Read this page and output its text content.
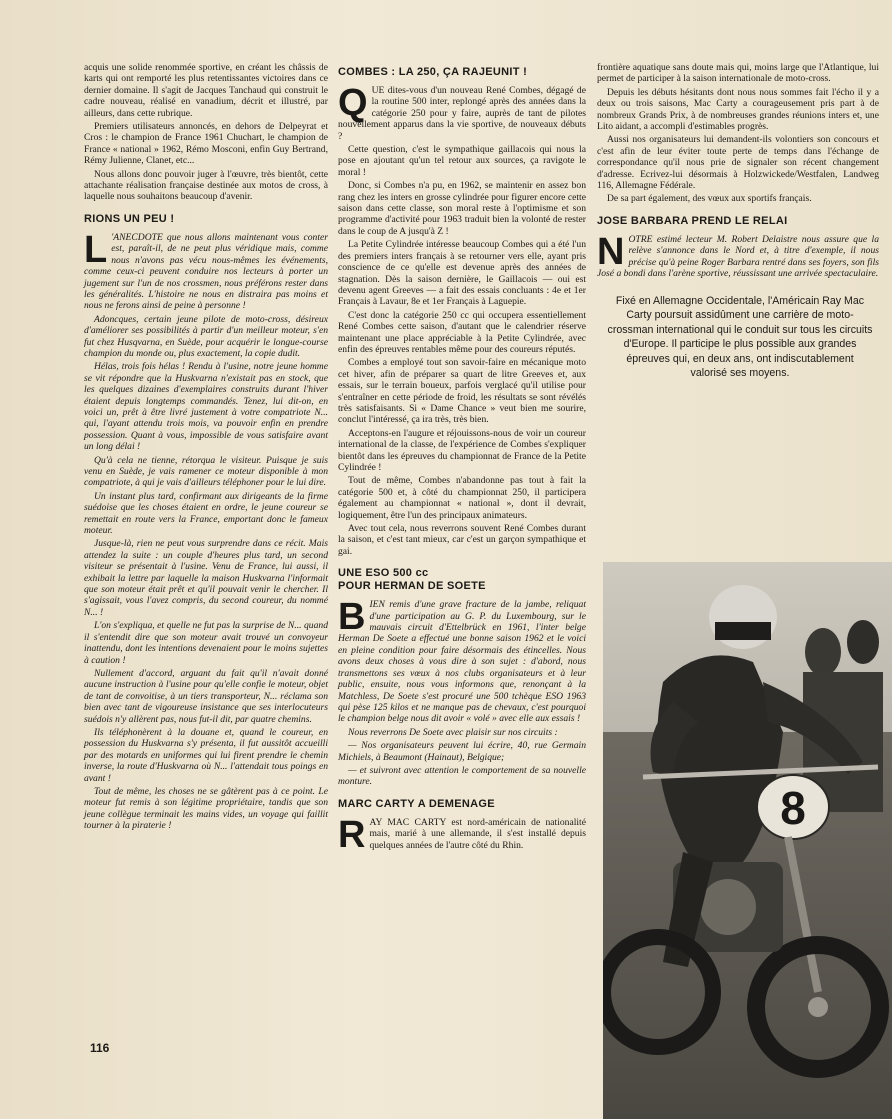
acquis une solide renommée sportive, en créant les châssis de karts qui ont remporté les plus retentissantes victoires dans ce dernier domaine. Il s'agit de Jacques Tanchaud qui construit le cadre nouveau, réalisé en vanadium, décrit et illustré, par ailleurs, dans cette rubrique.

Premiers utilisateurs annoncés, en dehors de Delpeyrat et Cros : le champion de France 1961 Chuchart, le champion de France « national » 1962, Rémo Mosconi, enfin Guy Bertrand, Rémy Julienne, Clanet, etc...

Nous allons donc pouvoir juger à l'œuvre, très bientôt, cette attachante réalisation française destinée aux motos de cross, à laquelle nous souhaitons beaucoup d'avenir.

RIONS UN PEU !
L 'ANECDOTE que nous allons maintenant vous conter est, paraît-il, de ne peut plus véridique mais, comme nous n'avons pas vécu nous-mêmes les événements, comme ceux-ci peuvent conduire nos lecteurs à porter un jugement sur l'un de nos crossmen, nous préférons rester dans les généralités. L'histoire ne nous en distraira pas moins et nous ne ferons ainsi de peine à personne !

Adoncques, certain jeune pilote de moto-cross, désireux d'améliorer ses possibilités à partir d'un meilleur moteur, s'en fut chez Husqvarna, en Suède, pour acquérir le longue-course champion du monde ou, plus exactement, la copie dudit.

Hélas, trois fois hélas ! Rendu à l'usine, notre jeune homme se vit répondre que la Huskvarna n'existait pas en stock, que les quelques dizaines d'exemplaires construits durant l'hiver étaient depuis longtemps commandés. Tenez, lui dit-on, en voici un, prêt à être livré justement à votre compatriote N... qui, l'ayant attendu trois mois, va pouvoir enfin en prendre possession. Quant à vous, impossible de vous satisfaire avant un long délai !

Qu'à cela ne tienne, rétorqua le visiteur. Puisque je suis venu en Suède, je vais ramener ce moteur disponible à mon compatriote, à qui je vais d'ailleurs téléphoner pour le lui dire.

Un instant plus tard, confirmant aux dirigeants de la firme suédoise que les choses étaient en ordre, le jeune coureur se remettait en route vers la France, emportant donc le fameux moteur.

Jusque-là, rien ne peut vous surprendre dans ce récit. Mais attendez la suite : un couple d'heures plus tard, un second visiteur se présentait à l'usine. Venu de France, lui aussi, il exhibait la lettre par laquelle la maison Huskvarna l'informait que son moteur était prêt et qu'il pouvait venir le chercher. Il s'agissait, vous l'avez compris, du second coureur, du nommé N... !

L'on s'expliqua, et quelle ne fut pas la surprise de N... quand il s'entendit dire que son moteur avait trouvé un convoyeur inattendu, dont les intentions devenaient pour le moins sujettes à caution !

Nullement d'accord, arguant du fait qu'il n'avait donné aucune instruction à l'usine pour qu'elle confie le moteur, objet de tant de convoitise, à un tiers transporteur, N... réclama son bien avec tant de vigoureuse insistance que ses interlocuteurs suédois n'y allèrent pas, nous fut-il dit, par quatre chemins.

Ils téléphonèrent à la douane et, quand le coureur, en possession du Huskvarna s'y présenta, il fut aussitôt accueilli par des motards en uniformes qui lui firent prendre le chemin inverse, la route d'Huskvarna où N... l'attendait tous poings en avant !

Tout de même, les choses ne se gâtèrent pas à ce point. Le moteur fut remis à son légitime propriétaire, tandis que son jeune collègue terminait les mains vides, un voyage qui faillit tourner à la piraterie !

COMBES : LA 250, ÇA RAJEUNIT !
Q UE dites-vous d'un nouveau René Combes, dégagé de la routine 500 inter, replongé après des années dans la catégorie 250 pour y faire, auprès de tant de pilotes nouvellement apparus dans la vie sportive, de nouveaux débuts ?

Cette question, c'est le sympathique gaillacois qui nous la pose en ajoutant qu'un tel retour aux sources, ça ravigote le moral !

Donc, si Combes n'a pu, en 1962, se maintenir en assez bon rang chez les inters en grosse cylindrée pour figurer encore cette saison dans cette classe, son moral reste à l'optimisme et son programme d'activité pour 1963 traduit bien la volonté de rester dans le coup de A jusqu'à Z !

La Petite Cylindrée intéresse beaucoup Combes qui a été l'un des premiers inters français à se retourner vers elle, ayant pris conscience de ce qu'elle est devenue après des années de stagnation. Dès la saison dernière, le Gaillacois — oui est devenu agent Greeves — a fait des essais concluants : 4e et 1er Français à Lavaur, 8e et 1er Français à Laguepie.

C'est donc la catégorie 250 cc qui occupera essentiellement René Combes cette saison, d'autant que le calendrier réserve maintenant une place appréciable à la Petite Cylindrée, avec enfin des épreuves rentables même pour des coureurs réputés.

Combes a employé tout son savoir-faire en mécanique moto cet hiver, afin de préparer sa quart de litre Greeves et, aux essais, sur le terrain boueux, parfois verglacé qu'il utilise pour s'entraîner en cette période de froid, les résultats se sont révélés très satisfaisants. Si « Dame Chance » veut bien me sourire, conclut l'intéressé, ça ira très, très bien.

Acceptons-en l'augure et réjouissons-nous de voir un coureur international de la classe, de l'expérience de Combes s'expliquer bientôt dans les épreuves du championnat de France de la Petite Cylindrée !

Tout de même, Combes n'abandonne pas tout à fait la catégorie 500 et, à côté du championnat 250, il participera également au championnat « national », dont il devrait, logiquement, être l'un des principaux animateurs.

Avec tout cela, nous reverrons souvent René Combes durant la saison, et c'est tant mieux, car c'est un garçon sympathique et gai.

UNE ESO 500 cc
POUR HERMAN DE SOETE
B IEN remis d'une grave fracture de la jambe, reliquat d'une participation au G. P. du Luxembourg, sur le mauvais circuit d'Ettelbrück en 1961, l'inter belge Herman De Soete a effectué une bonne saison 1962 et le voici en pleine condition pour faire désormais des étincelles. Nous avons deux choses à vous dire à son sujet : d'abord, nous transmettons ses vœux à nos clubs organisateurs et à leur public, ensuite, nous vous informons que, renonçant à la Matchless, De Soete s'est procuré une 500 tchèque ESO 1963 qui pèse 125 kilos et ne manque pas de chevaux, c'est pourquoi le champion belge nous dit avoir « volé » avec elle aux essais !

Nous reverrons De Soete avec plaisir sur nos circuits :

— Nos organisateurs peuvent lui écrire, 40, rue Germain Michiels, à Beaumont (Hainaut), Belgique;

— et suivront avec attention le comportement de sa nouvelle monture.

MARC CARTY A DEMENAGE
R AY MAC CARTY est nord-américain de nationalité mais, marié à une allemande, il s'est installé depuis quelques années de l'autre côté du Rhin.

frontière aquatique sans doute mais qui, moins large que l'Atlantique, lui permet de participer à la saison internationale de moto-cross.

Depuis les débuts hésitants dont nous nous sommes fait l'écho il y a deux ou trois saisons, Mac Carty a courageusement pris part à de nombreux Grands Prix, à de nombreuses grandes réunions inters et, une Lito aidant, a accompli d'estimables progrès.

Aussi nos organisateurs lui demandent-ils volontiers son concours et c'est afin de leur éviter toute perte de temps dans l'échange de correspondance qu'il nous prie de signaler son récent changement d'adresse. Ecrivez-lui désormais à Holzwickede/Westfalen, Landweg 116, Allemagne Fédérale.

De sa part également, des vœux aux sportifs français.

JOSE BARBARA PREND LE RELAI
N OTRE estimé lecteur M. Robert Delaistre nous assure que la relève s'annonce dans le Nord et, à titre d'exemple, il nous précise qu'à peine Roger Barbara rentré dans ses foyers, son fils José a bondi dans l'arène sportive, réussissant une arrivée spectaculaire.

Fixé en Allemagne Occidentale, l'Américain Ray Mac Carty poursuit assidûment une carrière de moto-crossman international qui le conduit sur tous les circuits d'Europe. Il participe le plus possible aux grandes épreuves qui, en deux ans, ont indiscutablement valorisé ses moyens.
8
116
